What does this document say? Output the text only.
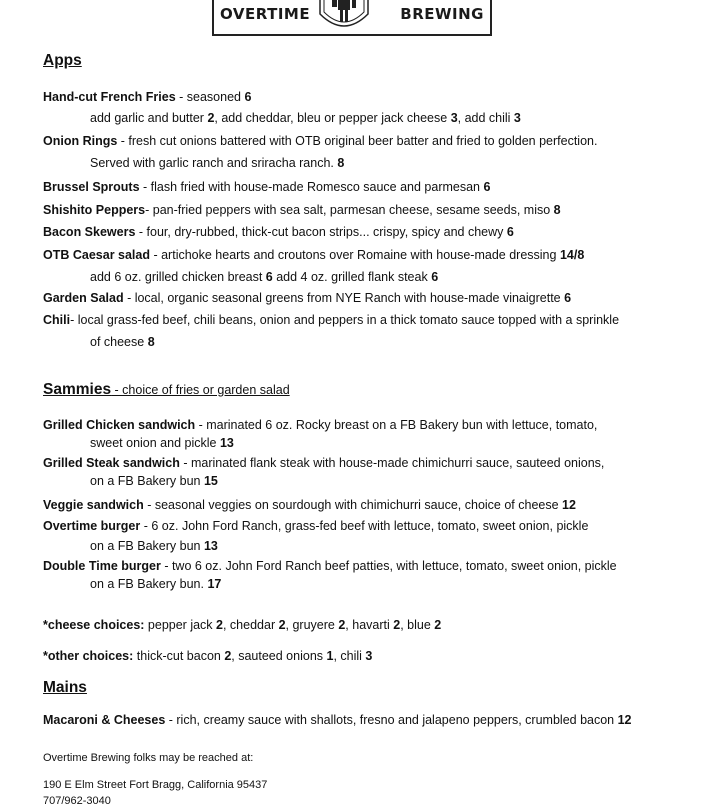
OVERTIME	BREWING
Apps
Hand-cut French Fries - seasoned 6
add garlic and butter 2, add cheddar, bleu or pepper jack cheese 3, add chili 3
Onion Rings - fresh cut onions battered with OTB original beer batter and fried to golden perfection.
Served with garlic ranch and sriracha ranch. 8
Brussel Sprouts - flash fried with house-made Romesco sauce and parmesan 6
Shishito Peppers- pan-fried peppers with sea salt, parmesan cheese, sesame seeds, miso 8
Bacon Skewers - four, dry-rubbed, thick-cut bacon strips... crispy, spicy and chewy 6
OTB Caesar salad - artichoke hearts and croutons over Romaine with house-made dressing 14/8
add 6 oz. grilled chicken breast 6 add 4 oz. grilled flank steak 6
Garden Salad - local, organic seasonal greens from NYE Ranch with house-made vinaigrette 6
Chili- local grass-fed beef, chili beans, onion and peppers in a thick tomato sauce topped with a sprinkle
of cheese 8
Sammies - choice of fries or garden salad
Grilled Chicken sandwich - marinated 6 oz. Rocky breast on a FB Bakery bun with lettuce, tomato,
sweet onion and pickle 13
Grilled Steak sandwich - marinated flank steak with house-made chimichurri sauce, sauteed onions,
on a FB Bakery bun 15
Veggie sandwich - seasonal veggies on sourdough with chimichurri sauce, choice of cheese 12
Overtime burger - 6 oz. John Ford Ranch, grass-fed beef with lettuce, tomato, sweet onion, pickle
on a FB Bakery bun 13
Double Time burger - two 6 oz. John Ford Ranch beef patties, with lettuce, tomato, sweet onion, pickle
on a FB Bakery bun. 17
*cheese choices: pepper jack 2, cheddar 2, gruyere 2, havarti 2, blue 2
*other choices: thick-cut bacon 2, sauteed onions 1, chili 3
Mains
Macaroni & Cheeses - rich, creamy sauce with shallots, fresno and jalapeno peppers, crumbled bacon 12
Overtime Brewing folks may be reached at:
190 E Elm Street Fort Bragg, California 95437
707/962-3040
